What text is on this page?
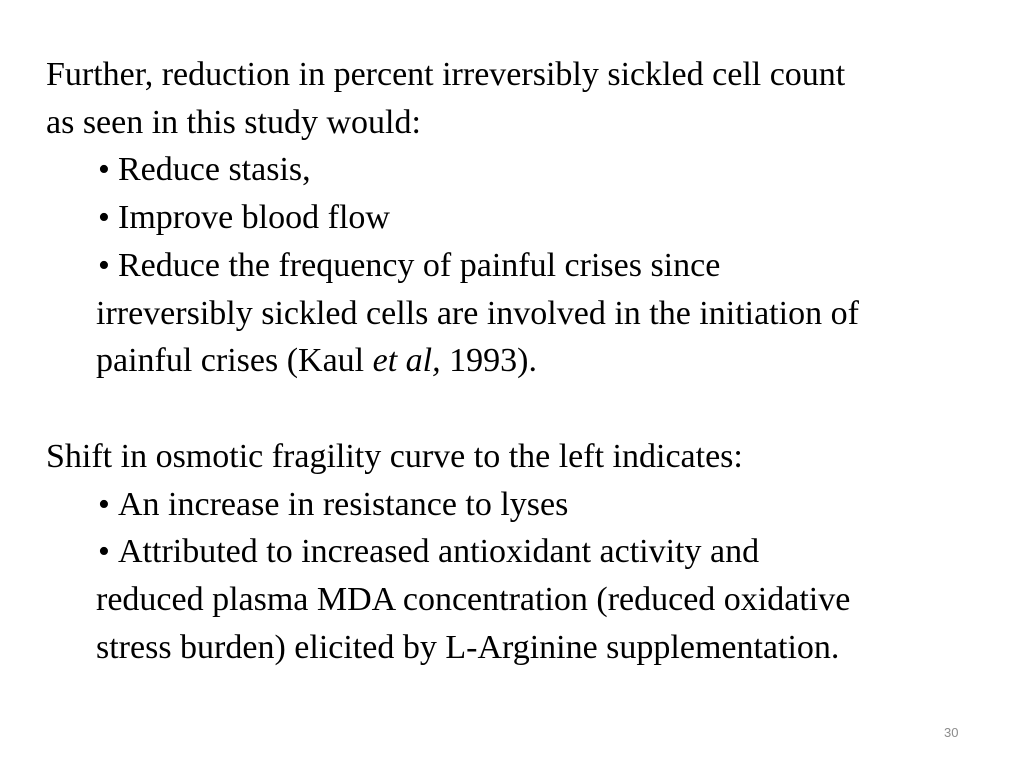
Further, reduction in percent irreversibly sickled cell count

as seen in this study would:

• Reduce stasis,

• Improve blood flow

• Reduce the frequency of painful crises since

irreversibly sickled cells are involved in the initiation of

painful crises (Kaul et al, 1993).

Shift in osmotic fragility curve to the left indicates:

• An increase in resistance to lyses

• Attributed to increased antioxidant activity and

reduced plasma MDA concentration (reduced oxidative

stress burden) elicited by L-Arginine supplementation.

30
